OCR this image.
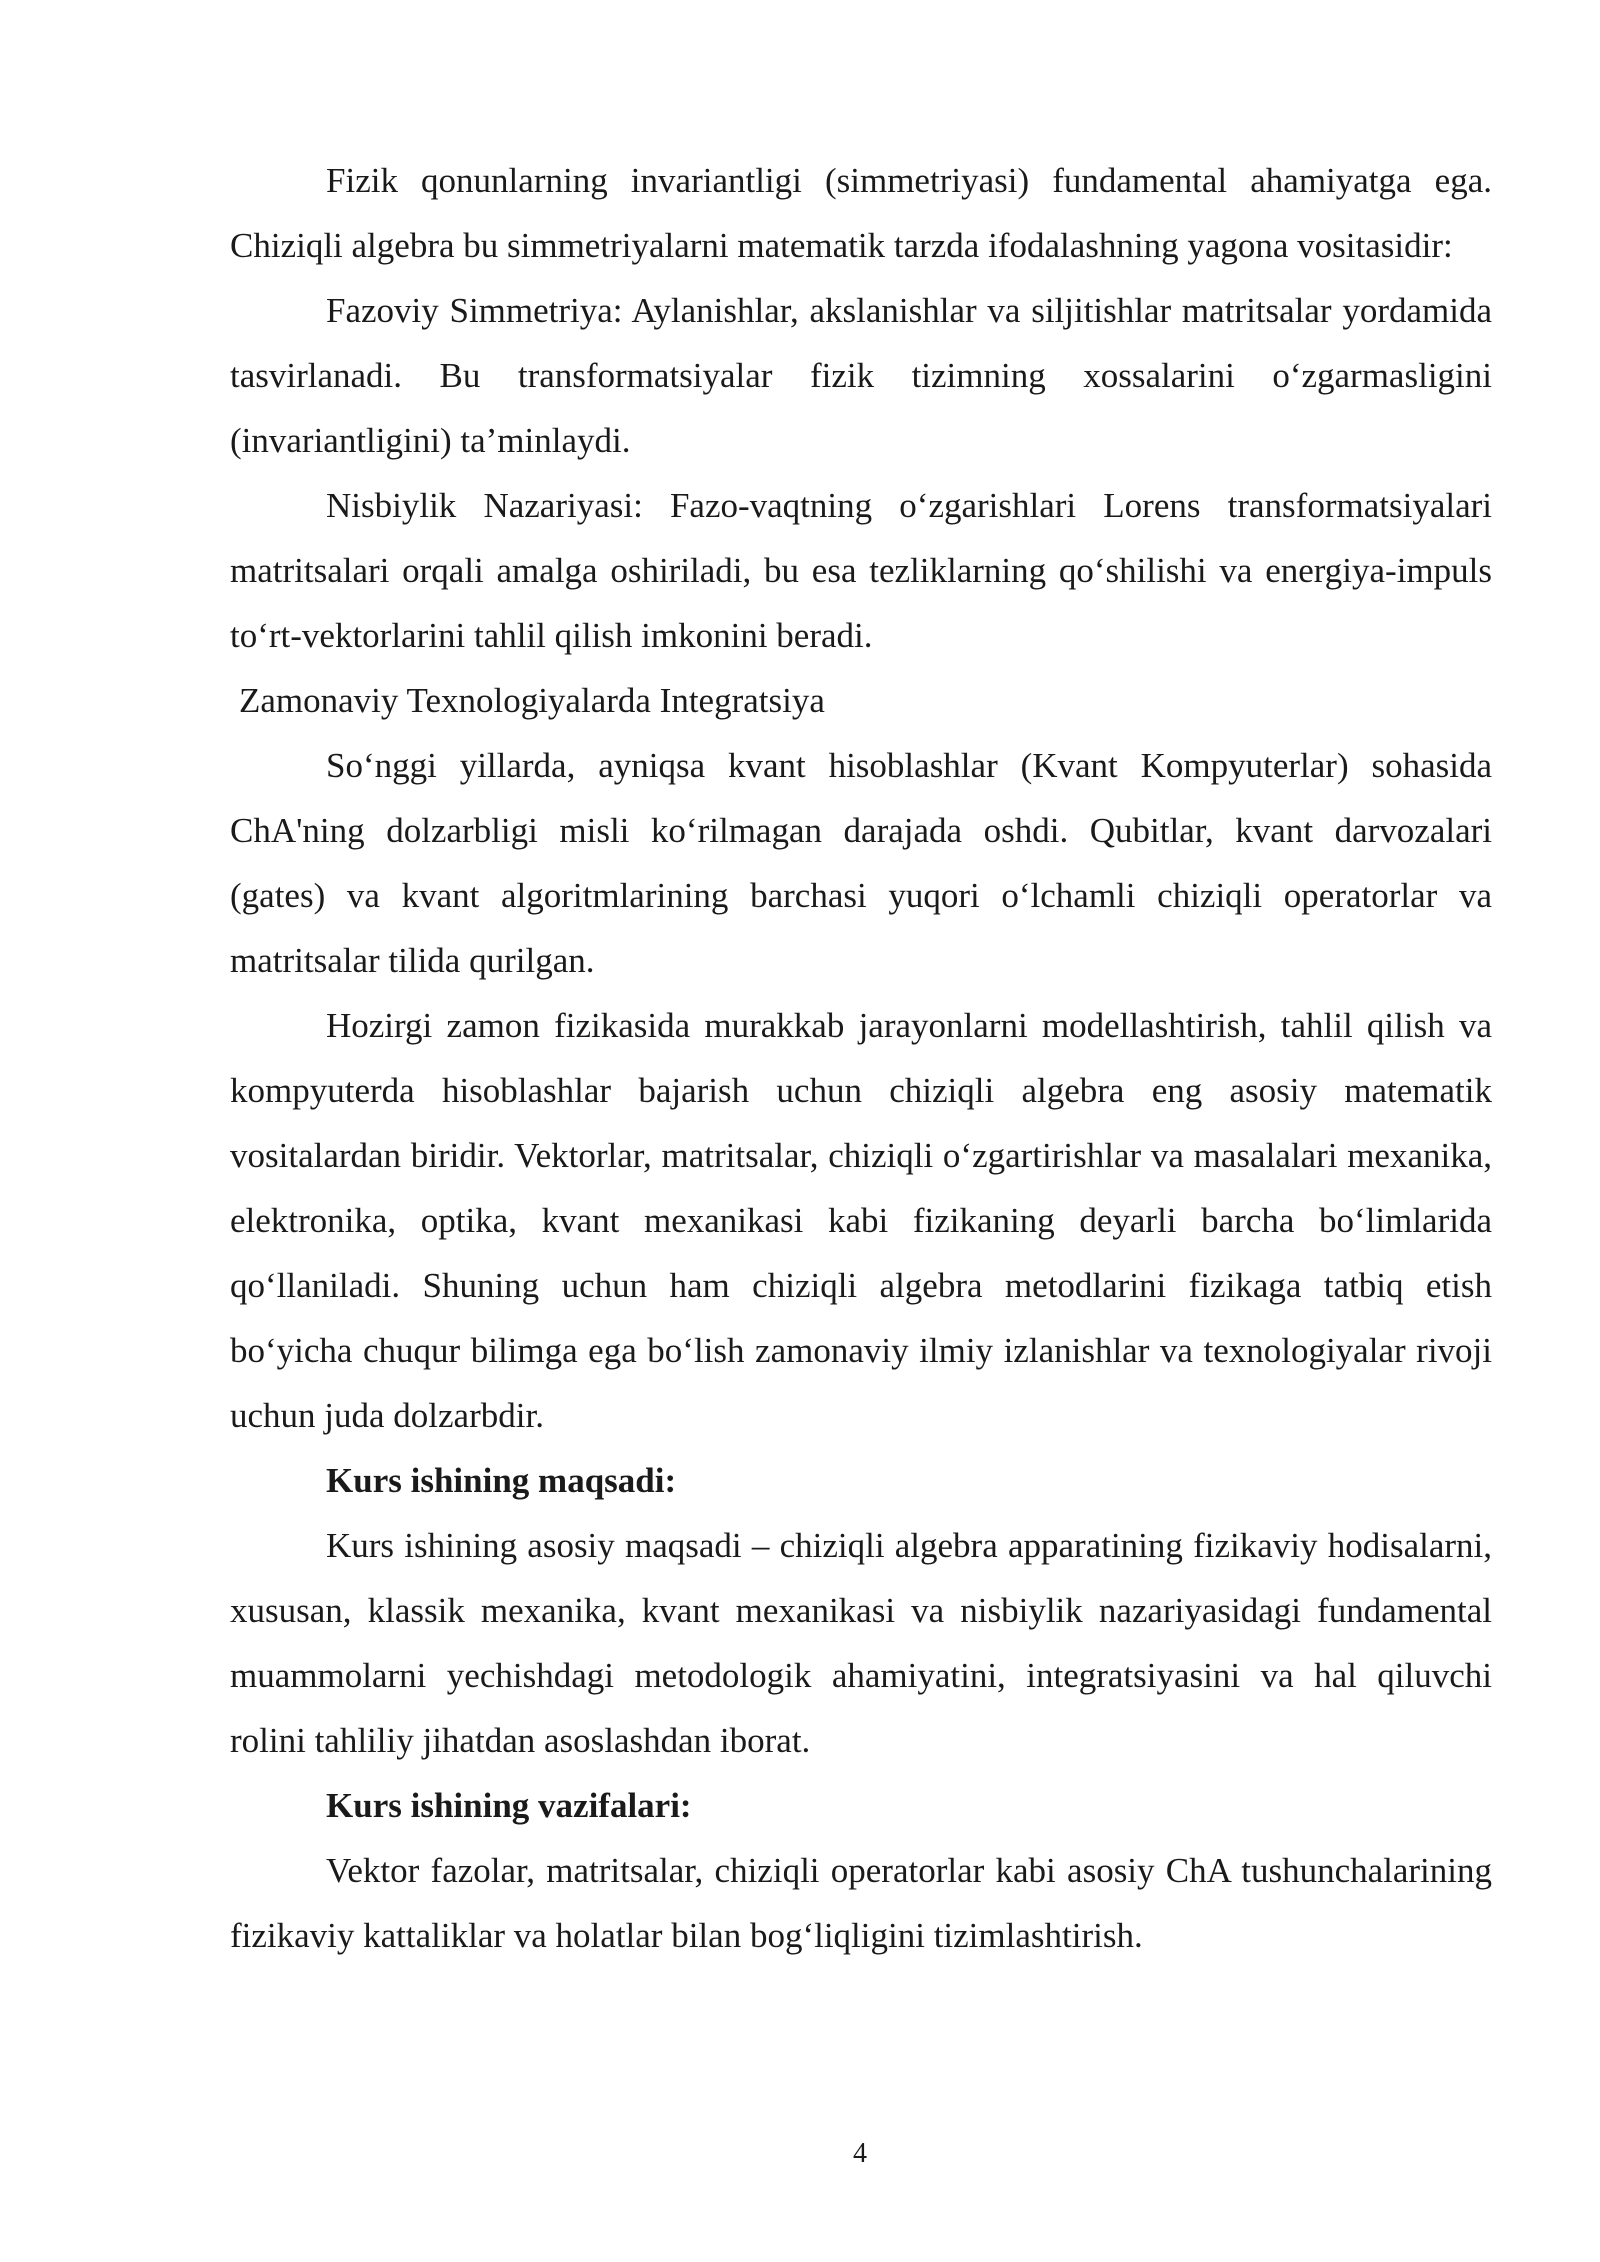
Fizik qonunlarning invariantligi (simmetriyasi) fundamental ahamiyatga ega. Chiziqli algebra bu simmetriyalarni matematik tarzda ifodalashning yagona vositasidir:

Fazoviy Simmetriya: Aylanishlar, akslanishlar va siljitishlar matritsalar yordamida tasvirlanadi. Bu transformatsiyalar fizik tizimning xossalarini o‘zgarmasligini (invariantligini) ta’minlaydi.

Nisbiylik Nazariyasi: Fazo-vaqtning o‘zgarishlari Lorens transformatsiyalari matritsalari orqali amalga oshiriladi, bu esa tezliklarning qo‘shilishi va energiya-impuls to‘rt-vektorlarini tahlil qilish imkonini beradi.

Zamonaviy Texnologiyalarda Integratsiya

So‘nggi yillarda, ayniqsa kvant hisoblashlar (Kvant Kompyuterlar) sohasida ChA'ning dolzarbligi misli ko‘rilmagan darajada oshdi. Qubitlar, kvant darvozalari (gates) va kvant algoritmlarining barchasi yuqori o‘lchamli chiziqli operatorlar va matritsalar tilida qurilgan.

Hozirgi zamon fizikasida murakkab jarayonlarni modellashtirish, tahlil qilish va kompyuterda hisoblashlar bajarish uchun chiziqli algebra eng asosiy matematik vositalardan biridir. Vektorlar, matritsalar, chiziqli o‘zgartirishlar va masalalari mexanika, elektronika, optika, kvant mexanikasi kabi fizikaning deyarli barcha bo‘limlarida qo‘llaniladi. Shuning uchun ham chiziqli algebra metodlarini fizikaga tatbiq etish bo‘yicha chuqur bilimga ega bo‘lish zamonaviy ilmiy izlanishlar va texnologiyalar rivoji uchun juda dolzarbdir.

Kurs ishining maqsadi:

Kurs ishining asosiy maqsadi – chiziqli algebra apparatining fizikaviy hodisalarni, xususan, klassik mexanika, kvant mexanikasi va nisbiylik nazariyasidagi fundamental muammolarni yechishdagi metodologik ahamiyatini, integratsiyasini va hal qiluvchi rolini tahliliy jihatdan asoslashdan iborat.

Kurs ishining vazifalari:

Vektor fazolar, matritsalar, chiziqli operatorlar kabi asosiy ChA tushunchalarining fizikaviy kattaliklar va holatlar bilan bog‘liqligini tizimlashtirish.

4
